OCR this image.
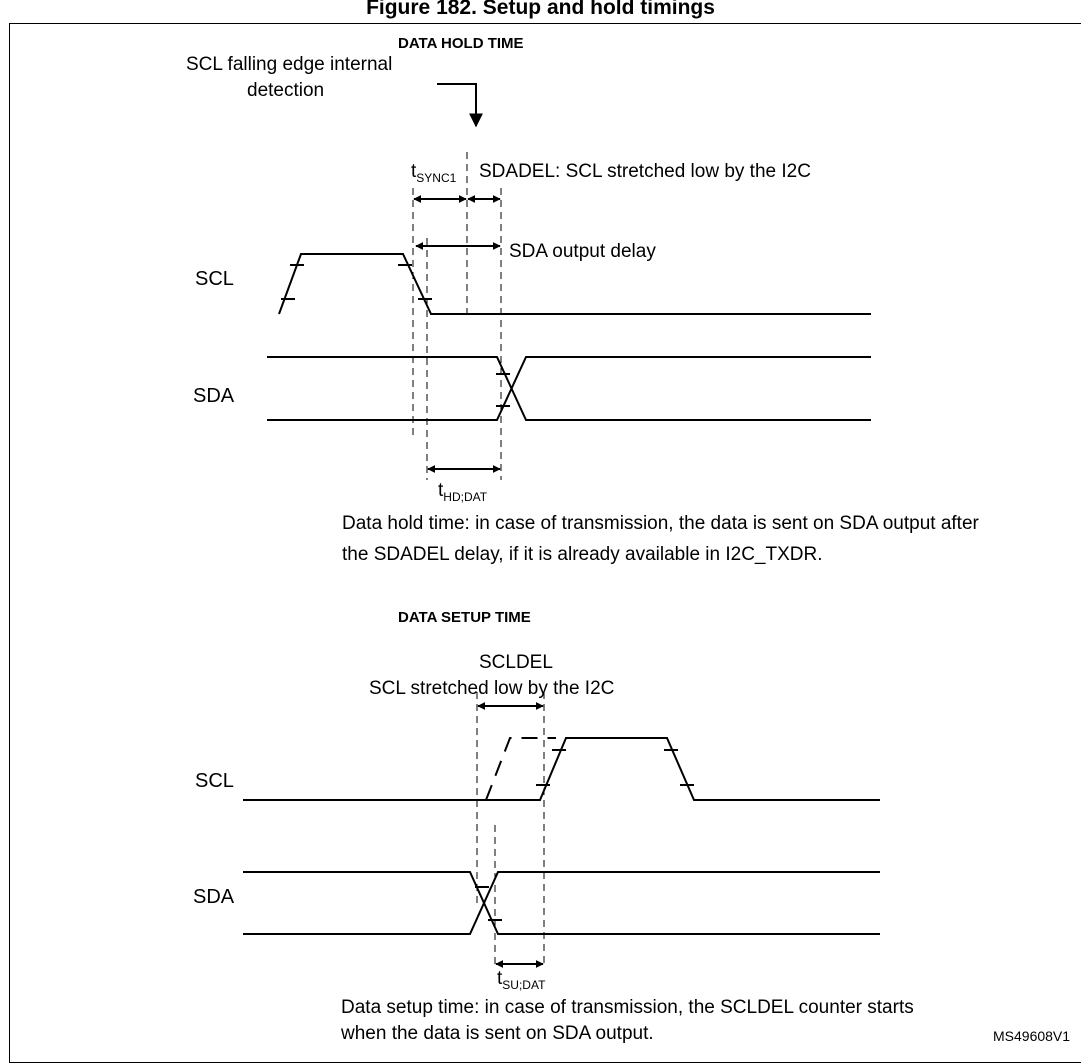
Figure 182. Setup and hold timings
DATA HOLD TIME
SCL falling edge internal
detection
$t_{SYNC1}$ SDADEL: SCL stretched low by the I2C
SDA output delay
SCL
SDA
$t_{HD;DAT}$
Data hold time: in case of transmission, the data is sent on SDA output after
the SDADEL delay, if it is already available in I2C_TXDR.
DATA SETUP TIME
SCLDEL
SCL stretched low by the I2C
SCL
SDA
$t_{SU;DAT}$
Data setup time: in case of transmission, the SCLDEL counter starts
when the data is sent on SDA output.	MS49608V1
